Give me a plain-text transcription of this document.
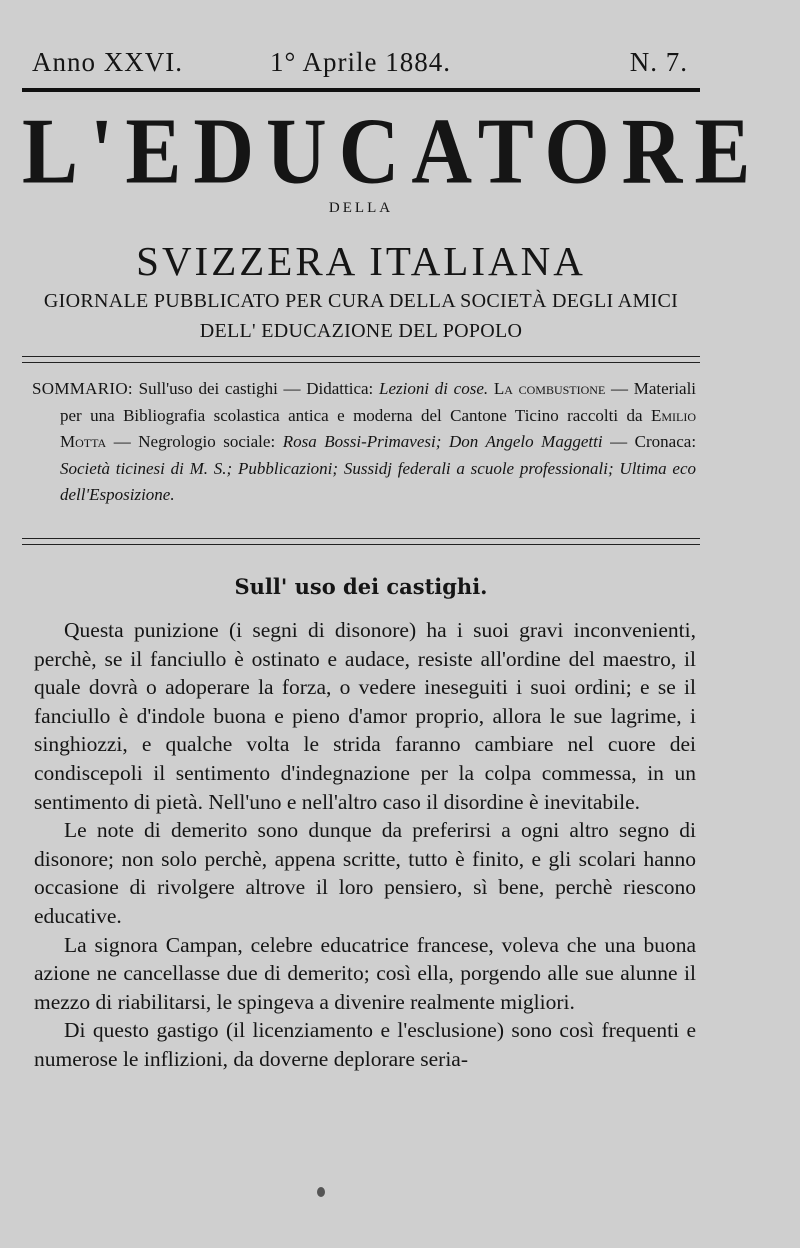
Anno XXVI.	1° Aprile 1884.	N. 7.
L'EDUCATORE
DELLA
SVIZZERA ITALIANA
GIORNALE PUBBLICATO PER CURA DELLA SOCIETÀ DEGLI AMICI
DELL' EDUCAZIONE DEL POPOLO
SOMMARIO: Sull'uso dei castighi — Didattica: Lezioni di cose. La combustione — Materiali per una Bibliografia scolastica antica e moderna del Cantone Ticino raccolti da Emilio Motta — Negrologio sociale: Rosa Bossi-Primavesi; Don Angelo Maggetti — Cronaca: Società ticinesi di M. S.; Pubblicazioni; Sussidj federali a scuole professionali; Ultima eco dell'Esposizione.
Sull' uso dei castighi.

Questa punizione (i segni di disonore) ha i suoi gravi inconvenienti, perchè, se il fanciullo è ostinato e audace, resiste all'ordine del maestro, il quale dovrà o adoperare la forza, o vedere ineseguiti i suoi ordini; e se il fanciullo è d'indole buona e pieno d'amor proprio, allora le sue lagrime, i singhiozzi, e qualche volta le strida faranno cambiare nel cuore dei condiscepoli il sentimento d'indegnazione per la colpa commessa, in un sentimento di pietà. Nell'uno e nell'altro caso il disordine è inevitabile.

Le note di demerito sono dunque da preferirsi a ogni altro segno di disonore; non solo perchè, appena scritte, tutto è finito, e gli scolari hanno occasione di rivolgere altrove il loro pensiero, sì bene, perchè riescono educative.

La signora Campan, celebre educatrice francese, voleva che una buona azione ne cancellasse due di demerito; così ella, porgendo alle sue alunne il mezzo di riabilitarsi, le spingeva a divenire realmente migliori.

Di questo gastigo (il licenziamento e l'esclusione) sono così frequenti e numerose le inflizioni, da doverne deplorare seria-
